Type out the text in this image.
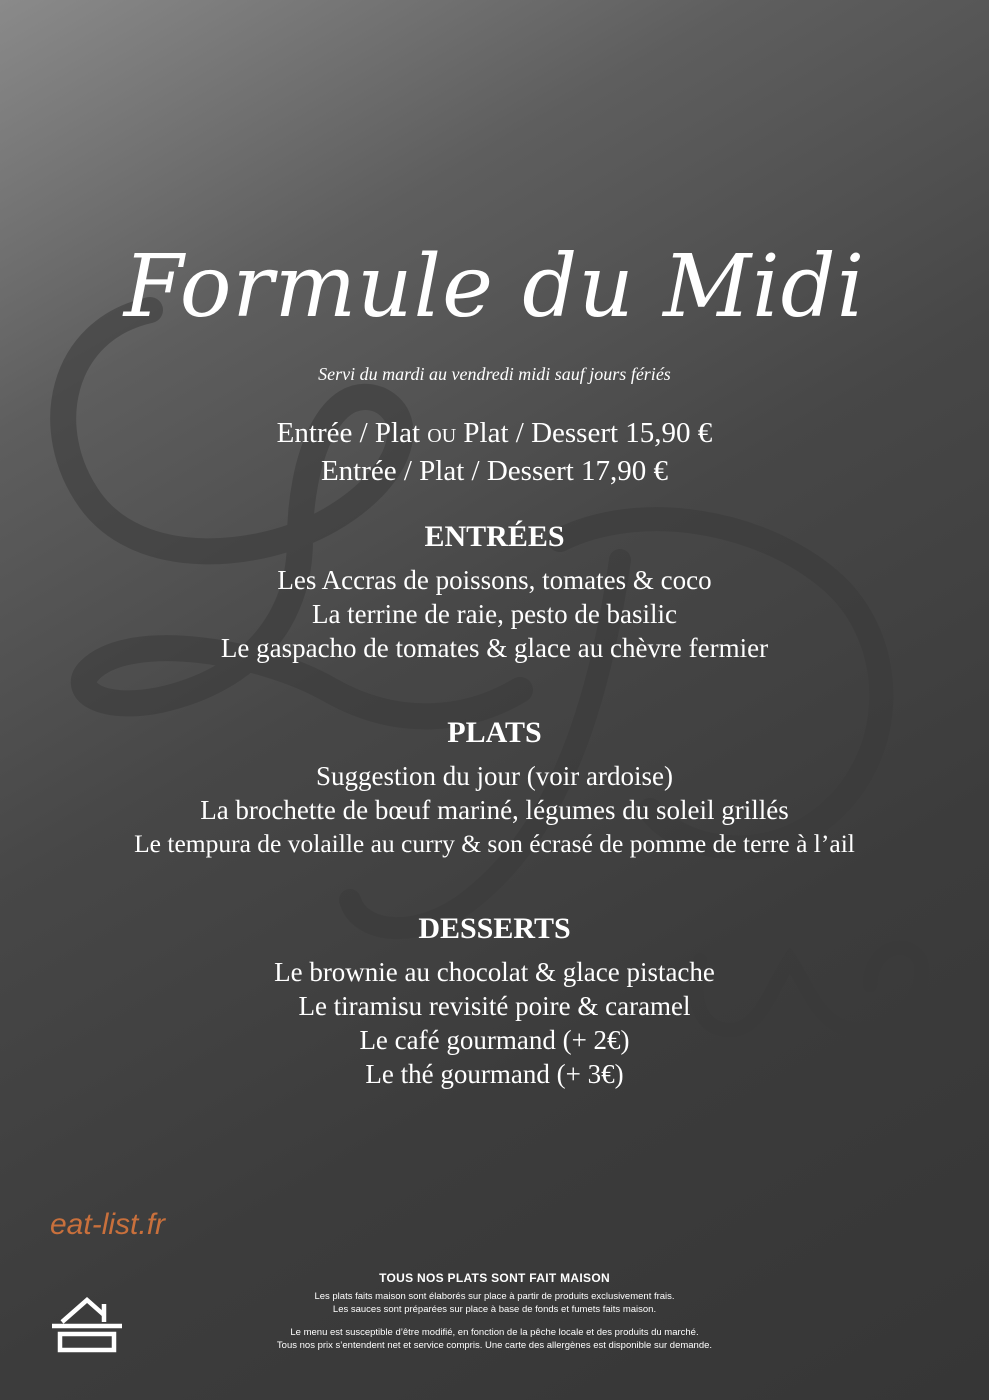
Formule du Midi
Servi du mardi au vendredi midi sauf jours fériés
Entrée / Plat ou Plat / Dessert 15,90 €
Entrée / Plat / Dessert 17,90 €
ENTRÉES
Les Accras de poissons, tomates & coco
La terrine de raie, pesto de basilic
Le gaspacho de tomates & glace au chèvre fermier
PLATS
Suggestion du jour (voir ardoise)
La brochette de bœuf mariné, légumes du soleil grillés
Le tempura de volaille au curry & son écrasé de pomme de terre à l’ail
DESSERTS
Le brownie au chocolat & glace pistache
Le tiramisu revisité poire & caramel
Le café gourmand (+ 2€)
Le thé gourmand (+ 3€)
eat-list.fr
TOUS NOS PLATS SONT FAIT MAISON
Les plats faits maison sont élaborés sur place à partir de produits exclusivement frais.
Les sauces sont préparées sur place à base de fonds et fumets faits maison.
Le menu est susceptible d’être modifié, en fonction de la pêche locale et des produits du marché.
Tous nos prix s’entendent net et service compris. Une carte des allergènes est disponible sur demande.
